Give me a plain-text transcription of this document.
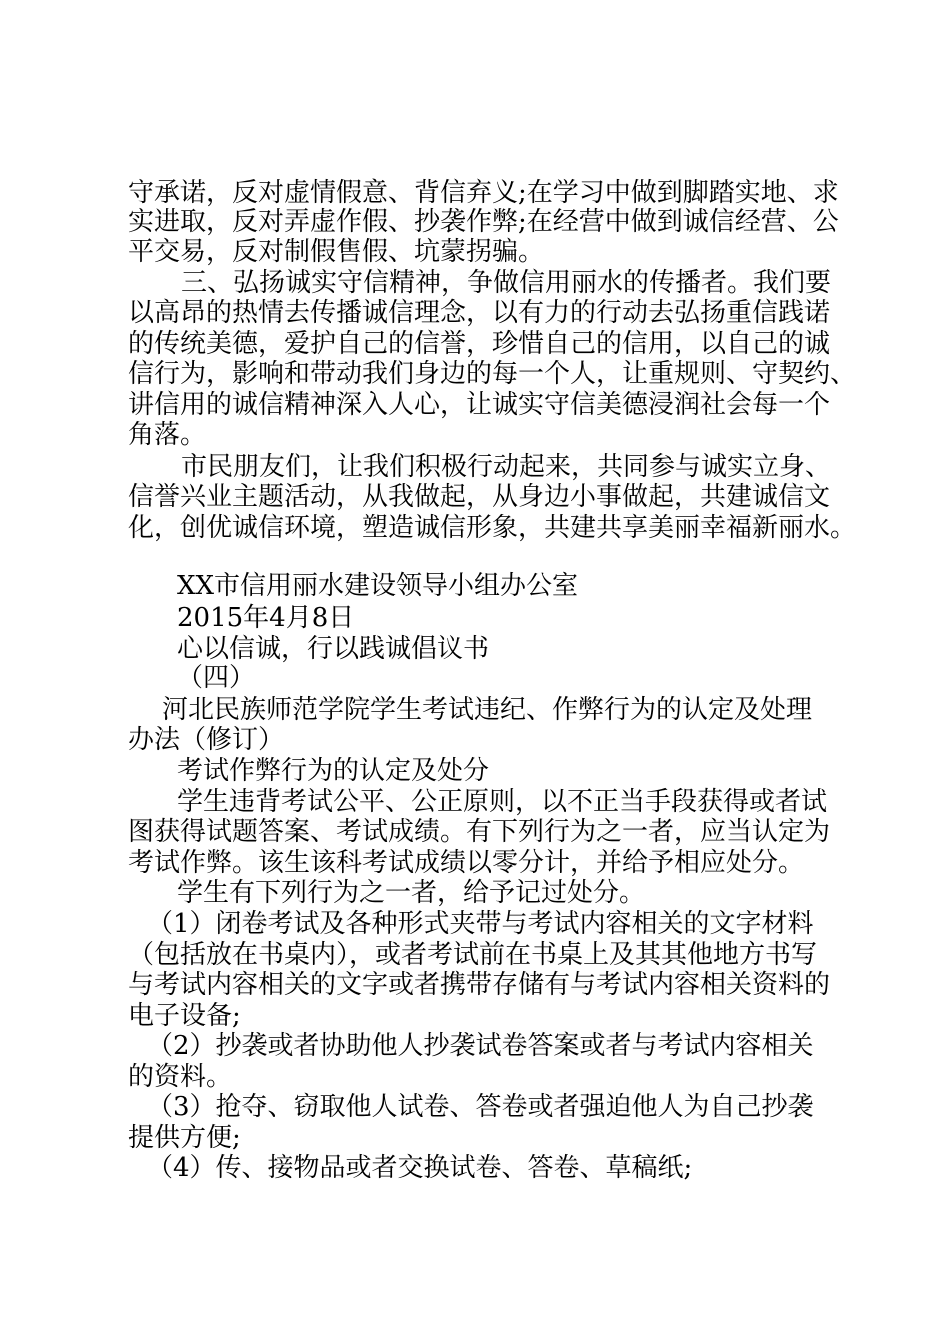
守承诺，反对虚情假意、背信弃义;在学习中做到脚踏实地、求
实进取，反对弄虚作假、抄袭作弊;在经营中做到诚信经营、公
平交易，反对制假售假、坑蒙拐骗。
三、弘扬诚实守信精神，争做信用丽水的传播者。我们要
以高昂的热情去传播诚信理念，以有力的行动去弘扬重信践诺
的传统美德，爱护自己的信誉，珍惜自己的信用，以自己的诚
信行为，影响和带动我们身边的每一个人，让重规则、守契约、
讲信用的诚信精神深入人心，让诚实守信美德浸润社会每一个
角落。
市民朋友们，让我们积极行动起来，共同参与诚实立身、
信誉兴业主题活动，从我做起，从身边小事做起，共建诚信文
化，创优诚信环境，塑造诚信形象，共建共享美丽幸福新丽水。
XX市信用丽水建设领导小组办公室
2015年4月8日
心以信诚，行以践诚倡议书
（四）
河北民族师范学院学生考试违纪、作弊行为的认定及处理
办法（修订）
考试作弊行为的认定及处分
学生违背考试公平、公正原则，以不正当手段获得或者试
图获得试题答案、考试成绩。有下列行为之一者，应当认定为
考试作弊。该生该科考试成绩以零分计，并给予相应处分。
学生有下列行为之一者，给予记过处分。
（1）闭卷考试及各种形式夹带与考试内容相关的文字材料
（包括放在书桌内），或者考试前在书桌上及其其他地方书写
与考试内容相关的文字或者携带存储有与考试内容相关资料的
电子设备;
（2）抄袭或者协助他人抄袭试卷答案或者与考试内容相关
的资料。
（3）抢夺、窃取他人试卷、答卷或者强迫他人为自己抄袭
提供方便;
（4）传、接物品或者交换试卷、答卷、草稿纸;
